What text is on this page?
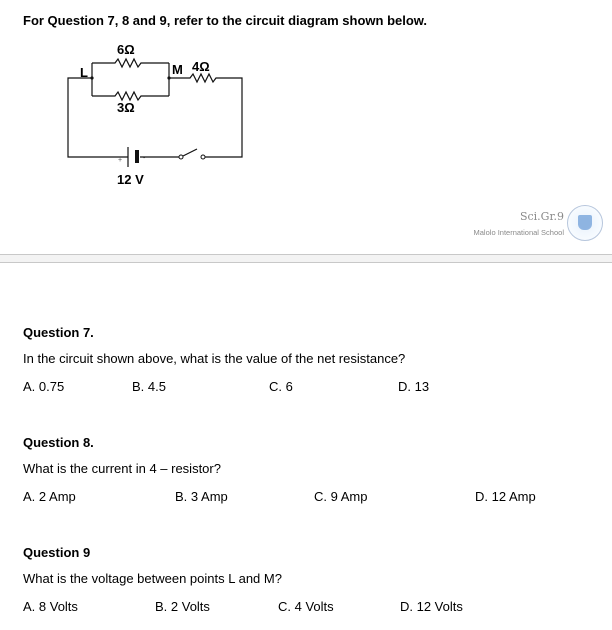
For Question 7, 8 and 9, refer to the circuit diagram shown below.
6Ω
3Ω
4Ω
L	M
12 V
+	-
Sci.Gr.9
Malolo International School
Question 7.
In the circuit shown above, what is the value of the net resistance?
A. 0.75	B. 4.5	C. 6	D. 13
Question 8.
What is the current in 4 – resistor?
A. 2 Amp	B. 3 Amp	C. 9 Amp	D. 12 Amp
Question 9
What is the voltage between points L and M?
A. 8 Volts	B. 2 Volts	C. 4 Volts	D. 12 Volts
